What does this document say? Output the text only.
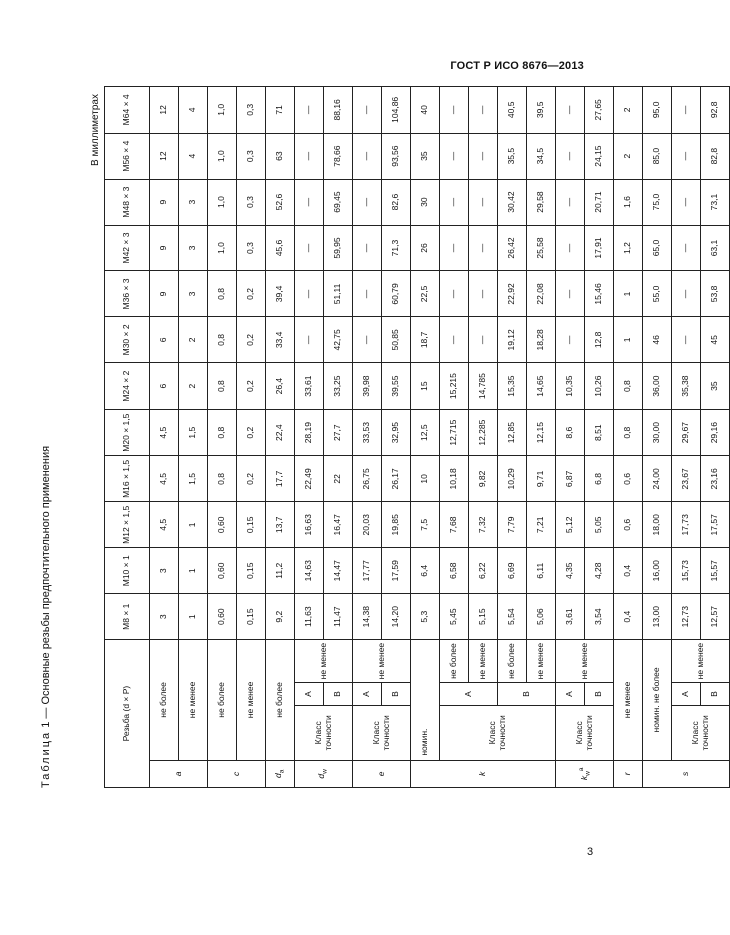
ГОСТ Р ИСО 8676—2013
Таблица 1 — Основные резьбы предпочтительного применения
В миллиметрах
Резьба (d × P)				M8 × 1	M10 × 1	M12 × 1,5	M16 × 1,5	M20 × 1,5	M24 × 2	M30 × 2	M36 × 3	M42 × 3	M48 × 3	M56 × 4	M64 × 4
a	не более			3	3	4,5	4,5	4,5	6	6	9	9	9	12	12
	не менее			1	1	1	1,5	1,5	2	2	3	3	3	4	4
c	не более			0,60	0,60	0,60	0,8	0,8	0,8	0,8	0,8	1,0	1,0	1,0	1,0
	не менее			0,15	0,15	0,15	0,2	0,2	0,2	0,2	0,2	0,3	0,3	0,3	0,3
$d_a$	не более			9,2	11,2	13,7	17,7	22,4	26,4	33,4	39,4	45,6	52,6	63	71
$d_w$	Класс точности	A	не менее	11,63	14,63	16,63	22,49	28,19	33,61	—	—	—	—	—	—
		B		11,47	14,47	16,47	22	27,7	33,25	42,75	51,11	59,95	69,45	78,66	88,16
e	Класс точности	A	не менее	14,38	17,77	20,03	26,75	33,53	39,98	—	—	—	—	—	—
		B		14,20	17,59	19,85	26,17	32,95	39,55	50,85	60,79	71,3	82,6	93,56	104,86
k	номин.			5,3	6,4	7,5	10	12,5	15	18,7	22,5	26	30	35	40
	Класс точности	A	не более	5,45	6,58	7,68	10,18	12,715	15,215	—	—	—	—	—	—
			не менее	5,15	6,22	7,32	9,82	12,285	14,785	—	—	—	—	—	—
		B	не более	5,54	6,69	7,79	10,29	12,85	15,35	19,12	22,92	26,42	30,42	35,5	40,5
			не менее	5,06	6,11	7,21	9,71	12,15	14,65	18,28	22,08	25,58	29,58	34,5	39,5
$k_w^a$	Класс точности	A	не менее	3,61	4,35	5,12	6,87	8,6	10,35	—	—	—	—	—	—
		B		3,54	4,28	5,05	6,8	8,51	10,26	12,8	15,46	17,91	20,71	24,15	27,65
r	не менее			0,4	0,4	0,6	0,6	0,8	0,8	1	1	1,2	1,6	2	2
s	номин. не более			13,00	16,00	18,00	24,00	30,00	36,00	46	55,0	65,0	75,0	85,0	95,0
	Класс точности	A	не менее	12,73	15,73	17,73	23,67	29,67	35,38	—	—	—	—	—	—
		B		12,57	15,57	17,57	23,16	29,16	35	45	53,8	63,1	73,1	82,8	92,8
3
